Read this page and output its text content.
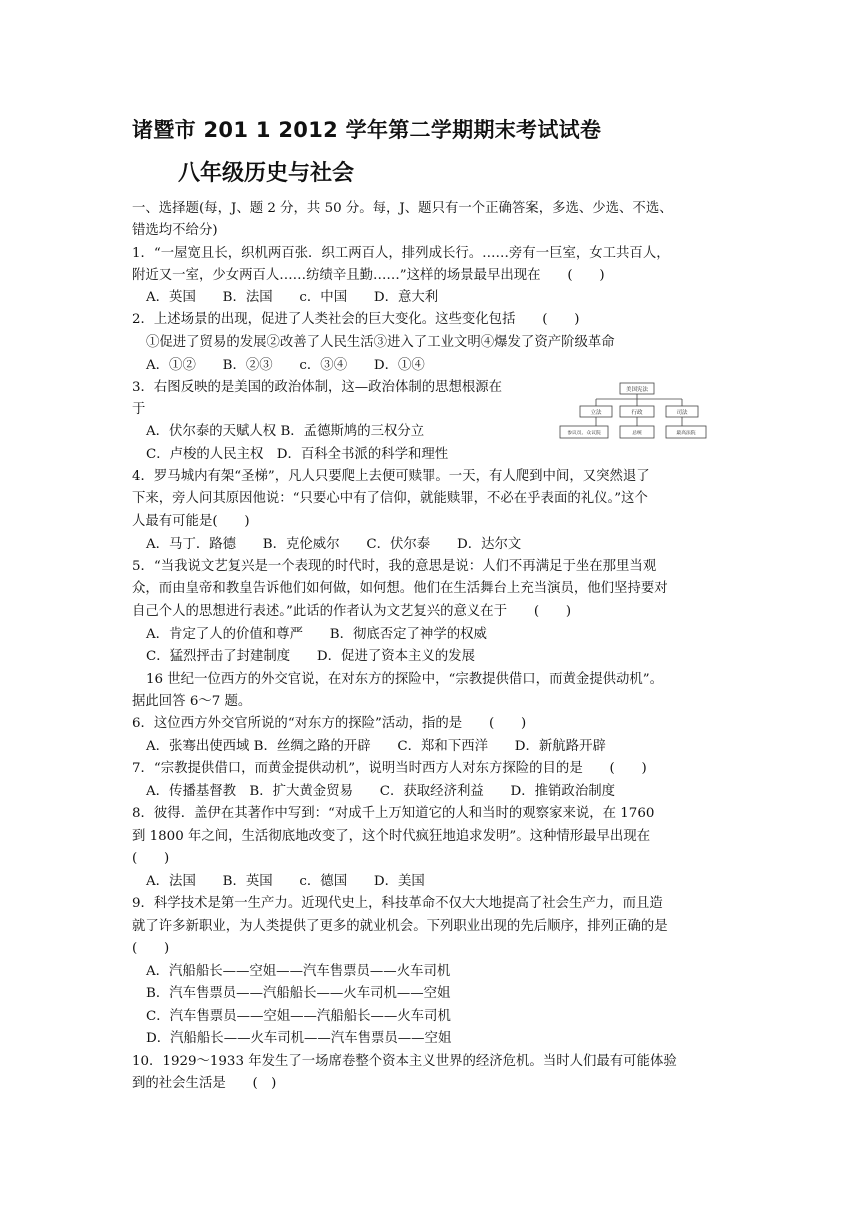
诸暨市 201 1 2012 学年第二学期期末考试试卷
八年级历史与社会
一、选择题(每，J、题 2 分，共 50 分。每，J、题只有一个正确答案，多选、少选、不选、
错选均不给分)
1．“一屋宽且长，织机两百张．织工两百人，排列成长行。……旁有一巨室，女工共百人，
附近又一室，少女两百人……纺绩辛且勤……”这样的场景最早出现在　　(　　)
A．英国　　B．法国　　c．中国　　D．意大利
2．上述场景的出现，促进了人类社会的巨大变化。这些变化包括　　(　　)
①促进了贸易的发展②改善了人民生活③进入了工业文明④爆发了资产阶级革命
A．①②　　B．②③　　c．③④　　D．①④
3．右图反映的是美国的政治体制，这—政治体制的思想根源在
于
A．伏尔泰的天赋人权 B．孟德斯鸠的三权分立
C．卢梭的人民主权　D．百科全书派的科学和理性
美国宪法
立法	行政	司法
参议员、众议院	总统	最高法院
4．罗马城内有架“圣梯”，凡人只要爬上去便可赎罪。一天，有人爬到中间，又突然退了
下来，旁人问其原因他说：“只要心中有了信仰，就能赎罪，不必在乎表面的礼仪。”这个
人最有可能是(　　)
A．马丁．路德　　B．克伦威尔　　C．伏尔泰　　D．达尔文
5．“当我说文艺复兴是一个表现的时代时，我的意思是说：人们不再满足于坐在那里当观
众，而由皇帝和教皇告诉他们如何做，如何想。他们在生活舞台上充当演员，他们坚持要对
自己个人的思想进行表述。”此话的作者认为文艺复兴的意义在于　　(　　)
A．肯定了人的价值和尊严　　B．彻底否定了神学的权威
C．猛烈抨击了封建制度　　D．促进了资本主义的发展
16 世纪一位西方的外交官说，在对东方的探险中，“宗教提供借口，而黄金提供动机”。
据此回答 6～7 题。
6．这位西方外交官所说的“对东方的探险”活动，指的是　　(　　)
A．张骞出使西域 B．丝绸之路的开辟　　C．郑和下西洋　　D．新航路开辟
7．“宗教提供借口，而黄金提供动机”，说明当时西方人对东方探险的目的是　　(　　)
A．传播基督教　B．扩大黄金贸易　　C．获取经济利益　　D．推销政治制度
8．彼得．盖伊在其著作中写到：“对成千上万知道它的人和当时的观察家来说，在 1760
到 1800 年之间，生活彻底地改变了，这个时代疯狂地追求发明”。这种情形最早出现在
(　　)
A．法国　　B．英国　　c．德国　　D．美国
9．科学技术是第一生产力。近现代史上，科技革命不仅大大地提高了社会生产力，而且造
就了许多新职业，为人类提供了更多的就业机会。下列职业出现的先后顺序，排列正确的是
(　　)
A．汽船船长——空姐——汽车售票员——火车司机
B．汽车售票员——汽船船长——火车司机——空姐
C．汽车售票员——空姐——汽船船长——火车司机
D．汽船船长——火车司机——汽车售票员——空姐
10．1929～1933 年发生了一场席卷整个资本主义世界的经济危机。当时人们最有可能体验
到的社会生活是　　(　)
